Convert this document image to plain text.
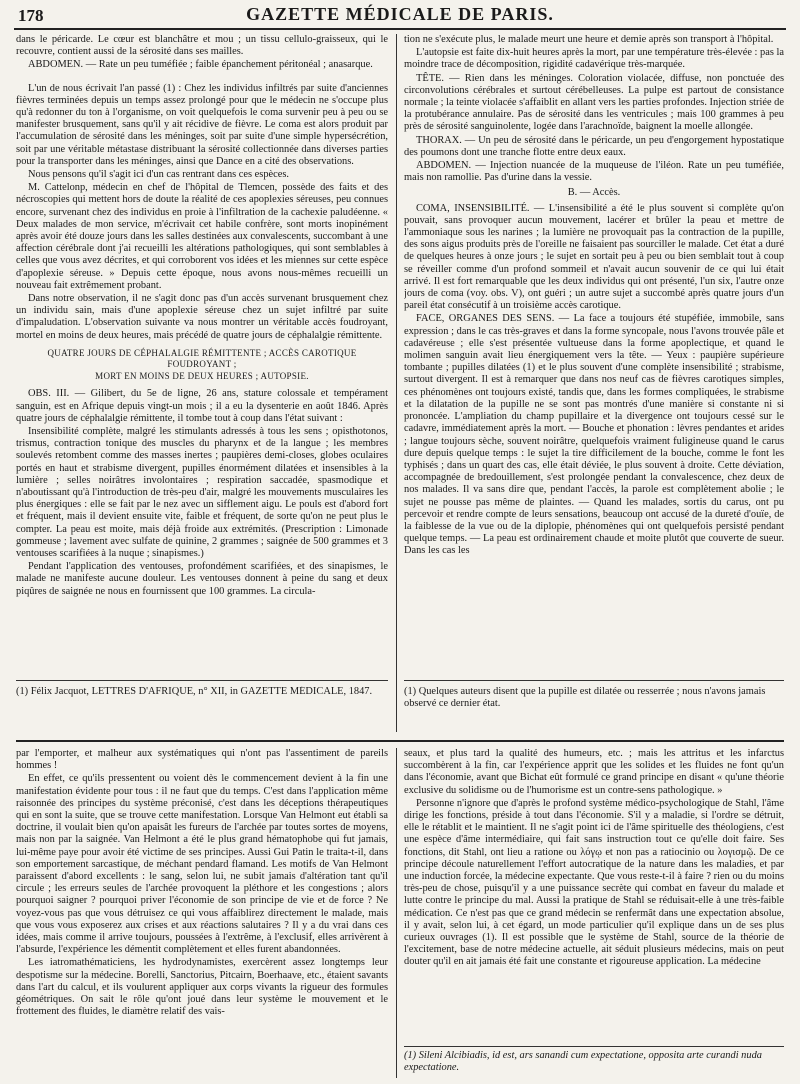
178	GAZETTE MÉDICALE DE PARIS.

dans le péricarde. Le cœur est blanchâtre et mou ; un tissu cellulo-graisseux, qui le recouvre, contient aussi de la sérosité dans ses mailles.

ABDOMEN. — Rate un peu tuméfiée ; faible épanchement péritonéal ; anasarque.

L'un de nous écrivait l'an passé (1) : Chez les individus infiltrés par suite d'anciennes fièvres terminées depuis un temps assez prolongé pour que le médecin ne s'occupe plus qu'à redonner du ton à l'organisme, on voit quelquefois le coma survenir peu à peu ou se manifester brusquement, sans qu'il y ait récidive de fièvre. Le coma est alors produit par l'accumulation de sérosité dans les méninges, soit par suite d'une simple hypersécrétion, soit par une véritable métastase distribuant la sérosité collectionnée dans diverses parties pour la transporter dans les méninges, ainsi que Dance en a cité des observations.

Nous pensons qu'il s'agit ici d'un cas rentrant dans ces espèces.

M. Cattelonp, médecin en chef de l'hôpital de Tlemcen, possède des faits et des nécroscopies qui mettent hors de doute la réalité de ces apoplexies séreuses, peu connues encore, survenant chez des individus en proie à l'infiltration de la cachexie paludéenne. « Deux malades de mon service, m'écrivait cet habile confrère, sont morts inopinément après avoir été douze jours dans les salles destinées aux convalescents, succombant à une affection cérébrale dont j'ai recueilli les altérations pathologiques, qui sont semblables à celles que vous avez décrites, et qui corroborent vos idées et les miennes sur cette espèce d'apoplexie séreuse. » Depuis cette époque, nous avons nous-mêmes recueilli un nouveau fait extrêmement probant.

Dans notre observation, il ne s'agit donc pas d'un accès survenant brusquement chez un individu sain, mais d'une apoplexie séreuse chez un sujet infiltré par suite d'impaludation. L'observation suivante va nous montrer un véritable accès foudroyant, mortel en moins de deux heures, mais précédé de quatre jours de céphalalgie rémittente.

QUATRE JOURS DE CÉPHALALGIE RÉMITTENTE ; ACCÈS CAROTIQUE FOUDROYANT ;
MORT EN MOINS DE DEUX HEURES ; AUTOPSIE.

OBS. III. — Gilibert, du 5e de ligne, 26 ans, stature colossale et tempérament sanguin, est en Afrique depuis vingt-un mois ; il a eu la dysenterie en août 1846. Après quatre jours de céphalalgie rémittente, il tombe tout à coup dans l'état suivant :

Insensibilité complète, malgré les stimulants adressés à tous les sens ; opisthotonos, trismus, contraction tonique des muscles du pharynx et de la langue ; les membres soulevés retombent comme des masses inertes ; paupières demi-closes, globes oculaires portés en haut et strabisme divergent, pupilles énormément dilatées et insensibles à la lumière ; selles noirâtres involontaires ; respiration saccadée, spasmodique et n'aboutissant qu'à l'introduction de très-peu d'air, malgré les mouvements musculaires les plus énergiques : elle se fait par le nez avec un sifflement aigu. Le pouls est d'abord fort et fréquent, mais il devient ensuite vite, faible et fréquent, de sorte qu'on ne peut plus le compter. La peau est moite, mais déjà froide aux extrémités. (Prescription : Limonade gommeuse ; lavement avec sulfate de quinine, 2 grammes ; saignée de 500 grammes et 3 ventouses scarifiées à la nuque ; sinapismes.)

Pendant l'application des ventouses, profondément scarifiées, et des sinapismes, le malade ne manifeste aucune douleur. Les ventouses donnent à peine du sang et deux piqûres de saignée ne nous en fournissent que 100 grammes. La circula-

(1) Félix Jacquot, LETTRES D'AFRIQUE, n° XII, in GAZETTE MÉDICALE, 1847.

tion ne s'exécute plus, le malade meurt une heure et demie après son transport à l'hôpital.

L'autopsie est faite dix-huit heures après la mort, par une température très-élevée : pas la moindre trace de décomposition, rigidité cadavérique très-marquée.

TÊTE. — Rien dans les méninges. Coloration violacée, diffuse, non ponctuée des circonvolutions cérébrales et surtout cérébelleuses. La pulpe est partout de consistance normale ; la teinte violacée s'affaiblit en allant vers les parties profondes. Injection striée de la protubérance annulaire. Pas de sérosité dans les ventricules ; mais 100 grammes à peu près de sérosité sanguinolente, logée dans l'arachnoïde, baignent la moelle allongée.

THORAX. — Un peu de sérosité dans le péricarde, un peu d'engorgement hypostatique des poumons dont une tranche flotte entre deux eaux.

ABDOMEN. — Injection nuancée de la muqueuse de l'iléon. Rate un peu tuméfiée, mais non ramollie. Pas d'urine dans la vessie.

B. — Accès.

COMA, INSENSIBILITÉ. — L'insensibilité a été le plus souvent si complète qu'on pouvait, sans provoquer aucun mouvement, lacérer et brûler la peau et mettre de l'ammoniaque sous les narines ; la lumière ne provoquait pas la contraction de la pupille, des sons aigus produits près de l'oreille ne faisaient pas sourciller le malade. Cet état a duré de quelques heures à onze jours ; le sujet en sortait peu à peu ou bien semblait tout à coup se réveiller comme d'un profond sommeil et n'avait aucun souvenir de ce qui lui était arrivé. Il est fort remarquable que les deux individus qui ont présenté, l'un six, l'autre onze jours de coma (voy. obs. V), ont guéri ; un autre sujet a succombé après quatre jours d'un pareil état consécutif à un troisième accès carotique.

FACE, ORGANES DES SENS. — La face a toujours été stupéfiée, immobile, sans expression ; dans le cas très-graves et dans la forme syncopale, nous l'avons trouvée pâle et cadavéreuse ; elle s'est présentée vultueuse dans la forme apoplectique, et quand le molimen sanguin avait lieu énergiquement vers la tête. — Yeux : paupière supérieure tombante ; pupilles dilatées (1) et le plus souvent d'une complète insensibilité ; strabisme, surtout divergent. Il est à remarquer que dans nos neuf cas de fièvres carotiques simples, ces phénomènes ont toujours existé, tandis que, dans les formes compliquées, le strabisme et la dilatation de la pupille ne se sont pas montrés d'une manière si constante ni si prononcée. L'ampliation du champ pupillaire et la divergence ont toujours cessé sur le cadavre, immédiatement après la mort. — Bouche et phonation : lèvres pendantes et arides ; langue toujours sèche, souvent noirâtre, quelquefois vraiment fuligineuse quand le carus dure depuis quelque temps : le sujet la tire difficilement de la bouche, comme le font les typhisés ; dans un quart des cas, elle était déviée, le plus souvent à droite. Cette déviation, accompagnée de bredouillement, s'est prolongée pendant la convalescence, chez deux de nos malades. Il va sans dire que, pendant l'accès, la parole est complètement abolie ; le sujet ne pousse pas même de plaintes. — Quand les malades, sortis du carus, ont pu percevoir et rendre compte de leurs sensations, beaucoup ont accusé de la dureté d'ouïe, de la faiblesse de la vue ou de la diplopie, phénomènes qui ont quelquefois persisté pendant quelque temps. — La peau est ordinairement chaude et moite plutôt que couverte de sueur. Dans les cas les

(1) Quelques auteurs disent que la pupille est dilatée ou resserrée ; nous n'avons jamais observé ce dernier état.

par l'emporter, et malheur aux systématiques qui n'ont pas l'assentiment de pareils hommes !

En effet, ce qu'ils pressentent ou voient dès le commencement devient à la fin une manifestation évidente pour tous : il ne faut que du temps. C'est dans l'application même raisonnée des principes du système préconisé, c'est dans les déceptions thérapeutiques qui en sont la suite, que se trouve cette manifestation. Lorsque Van Helmont eut établi sa doctrine, il voulait bien qu'on apaisât les fureurs de l'archée par toutes sortes de moyens, mais non par la saignée. Van Helmont a été le plus grand hématophobe qui fut jamais, lui-même paye pour avoir été victime de ses principes. Aussi Gui Patin le traita-t-il, dans son emportement sarcastique, de méchant pendard flamand. Les motifs de Van Helmont paraissent d'abord excellents : le sang, selon lui, ne subit jamais d'altération tant qu'il circule ; les erreurs seules de l'archée provoquent la pléthore et les congestions ; alors pourquoi saigner ? pourquoi priver l'économie de son principe de vie et de force ? Ne voyez-vous pas que vous détruisez ce qui vous affaiblirez directement le malade, mais que vous vous exposerez aux crises et aux réactions salutaires ? Il y a du vrai dans ces idées, mais comme il arrive toujours, poussées à l'extrême, à l'exclusif, elles arrivèrent à l'absurde, l'expérience les démentit complètement et elles furent abandonnées.

Les iatromathématiciens, les hydrodynamistes, exercèrent assez longtemps leur despotisme sur la médecine. Borelli, Sanctorius, Pitcairn, Boerhaave, etc., étaient savants dans l'art du calcul, et ils voulurent appliquer aux corps vivants la rigueur des formules géométriques. On sait le rôle qu'ont joué dans leur système le mouvement et le frottement des fluides, le diamètre relatif des vais-

seaux, et plus tard la qualité des humeurs, etc. ; mais les attritus et les infarctus succombèrent à la fin, car l'expérience apprit que les solides et les fluides ne font qu'un dans l'économie, avant que Bichat eût formulé ce grand principe en disant « qu'une théorie exclusive du solidisme ou de l'humorisme est un contre-sens pathologique. »

Personne n'ignore que d'après le profond système médico-psychologique de Stahl, l'âme dirige les fonctions, préside à tout dans l'économie. S'il y a maladie, si l'ordre se détruit, elle le rétablit et le maintient. Il ne s'agit point ici de l'âme spirituelle des théologiens, c'est une espèce d'âme intermédiaire, qui fait sans instruction tout ce qu'elle doit faire. Ses fonctions, dit Stahl, ont lieu a ratione ou λόγῳ et non pas a ratiocinio ou λογισμῷ. De ce principe découle naturellement l'effort autocratique de la nature dans les maladies, et par une induction forcée, la médecine expectante. Que vous reste-t-il à faire ? rien ou du moins très-peu de chose, puisqu'il y a une puissance secrète qui combat en faveur du malade et lutte contre le principe du mal. Aussi la pratique de Stahl se réduisait-elle à une très-faible médication. Ce n'est pas que ce grand médecin se renfermât dans une expectation absolue, il y avait, selon lui, à cet égard, un mode particulier qu'il explique dans un de ses plus curieux ouvrages (1). Il est possible que le système de Stahl, source de la théorie de l'excitement, base de notre médecine actuelle, ait séduit plusieurs médecins, mais on peut douter qu'il en ait jamais été fait une constante et rigoureuse application. La médecine

(1) Sileni Alcibiadis, id est, ars sanandi cum expectatione, opposita arte curandi nuda expectatione.
